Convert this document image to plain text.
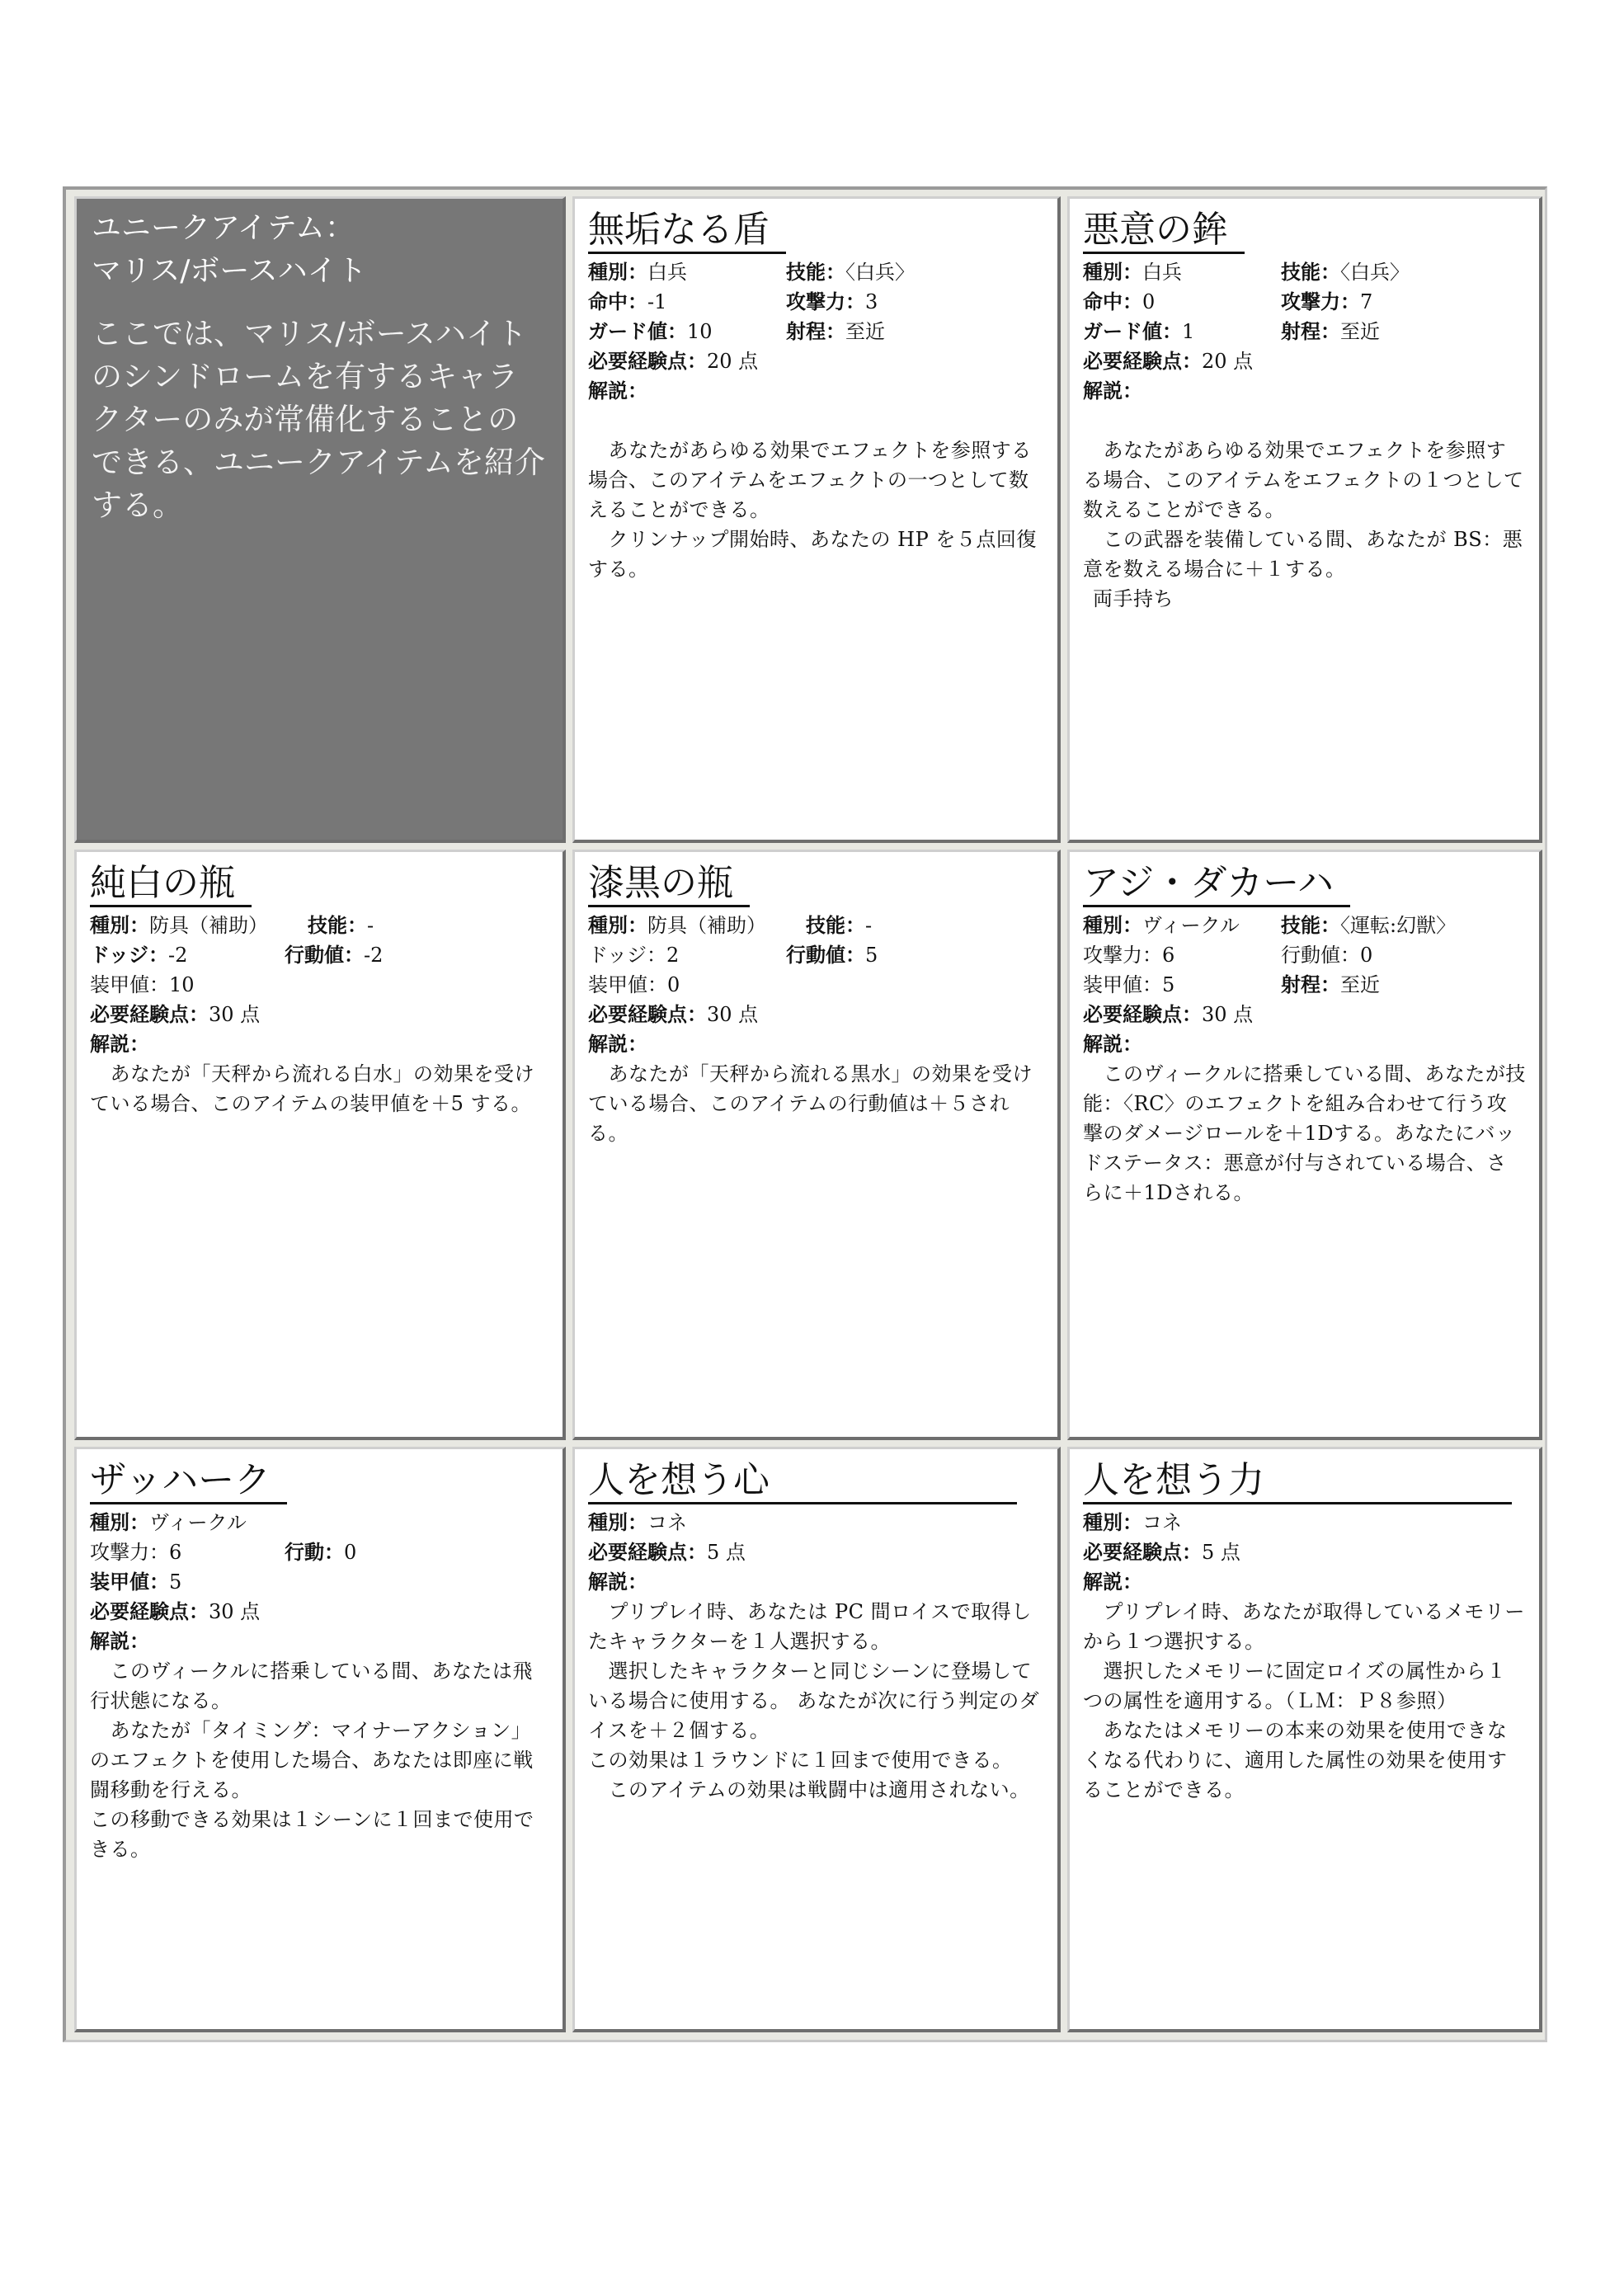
ユニークアイテム：
マリス/ボースハイト

ここでは、マリス/ボースハイトのシンドロームを有するキャラクターのみが常備化することのできる、ユニークアイテムを紹介する。

無垢なる盾
種別：白兵	技能：〈白兵〉
命中：-1	攻撃力：3
ガード値：10	射程：至近
必要経験点：20 点
解説：

　あなたがあらゆる効果でエフェクトを参照する場合、このアイテムをエフェクトの一つとして数えることができる。

　クリンナップ開始時、あなたの HP を５点回復する。

悪意の鉾
種別：白兵	技能：〈白兵〉
命中：0	攻撃力：7
ガード値：1	射程：至近
必要経験点：20 点
解説：

　あなたがあらゆる効果でエフェクトを参照する場合、このアイテムをエフェクトの１つとして数えることができる。

　この武器を装備している間、あなたが BS：悪意を数える場合に＋１する。

両手持ち

純白の瓶
種別：防具（補助）	技能：-
ドッジ：-2	行動値：-2
装甲値：10
必要経験点：30 点
解説：

　あなたが「天秤から流れる白水」の効果を受けている場合、このアイテムの装甲値を＋5 する。

漆黒の瓶
種別：防具（補助）	技能：-
ドッジ：2	行動値：5
装甲値：0
必要経験点：30 点
解説：

　あなたが「天秤から流れる黒水」の効果を受けている場合、このアイテムの行動値は＋５される。

アジ・ダカーハ
種別：ヴィークル	技能：〈運転:幻獣〉
攻撃力：6	行動値：0
装甲値：5	射程：至近
必要経験点：30 点
解説：

　このヴィークルに搭乗している間、あなたが技能：〈RC〉のエフェクトを組み合わせて行う攻撃のダメージロールを＋1Dする。あなたにバッドステータス：悪意が付与されている場合、さらに＋1Dされる。

ザッハーク
種別：ヴィークル
攻撃力：6	行動：0
装甲値：5
必要経験点：30 点
解説：

　このヴィークルに搭乗している間、あなたは飛行状態になる。

　あなたが「タイミング：マイナーアクション」のエフェクトを使用した場合、あなたは即座に戦闘移動を行える。

この移動できる効果は１シーンに１回まで使用できる。

人を想う心
種別：コネ
必要経験点：5 点
解説：

　プリプレイ時、あなたは PC 間ロイスで取得したキャラクターを１人選択する。

　選択したキャラクターと同じシーンに登場している場合に使用する。 あなたが次に行う判定のダイスを＋２個する。

この効果は１ラウンドに１回まで使用できる。

　このアイテムの効果は戦闘中は適用されない。

人を想う力
種別：コネ
必要経験点：5 点
解説：

　プリプレイ時、あなたが取得しているメモリーから１つ選択する。

　選択したメモリーに固定ロイズの属性から１つの属性を適用する。（ＬＭ：Ｐ８参照）

　あなたはメモリーの本来の効果を使用できなくなる代わりに、適用した属性の効果を使用することができる。
